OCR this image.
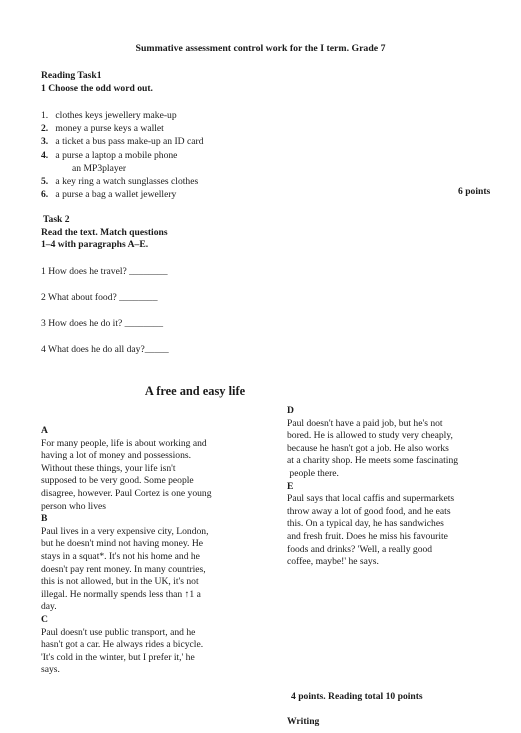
Summative assessment control work for the I term. Grade 7
Reading Task1
1 Choose the odd word out.
1. clothes keys jewellery make-up
2. money a purse keys a wallet
3. a ticket a bus pass make-up an ID card
4. a purse a laptop a mobile phone
an MP3player
5. a key ring a watch sunglasses clothes
6. a purse a bag a wallet jewellery	6 points
Task 2
Read the text. Match questions
1–4 with paragraphs A–E.
1 How does he travel? ________
2 What about food? ________
3 How does he do it? ________
4 What does he do all day?_____
A free and easy life
A
For many people, life is about working and
having a lot of money and possessions.
Without these things, your life isn't
supposed to be very good. Some people
disagree, however. Paul Cortez is one young
person who lives
B
Paul lives in a very expensive city, London,
but he doesn't mind not having money. He
stays in a squat*. It's not his home and he
doesn't pay rent money. In many countries,
this is not allowed, but in the UK, it's not
illegal. He normally spends less than ↑1 a
day.
C
Paul doesn't use public transport, and he
hasn't got a car. He always rides a bicycle.
'It's cold in the winter, but I prefer it,' he
says.
D
Paul doesn't have a paid job, but he's not
bored. He is allowed to study very cheaply,
because he hasn't got a job. He also works
at a charity shop. He meets some fascinating
people there.
E
Paul says that local caffіs and supermarkets
throw away a lot of good food, and he eats
this. On a typical day, he has sandwiches
and fresh fruit. Does he miss his favourite
foods and drinks? 'Well, a really good
coffee, maybe!' he says.
4 points. Reading total 10 points
Writing
